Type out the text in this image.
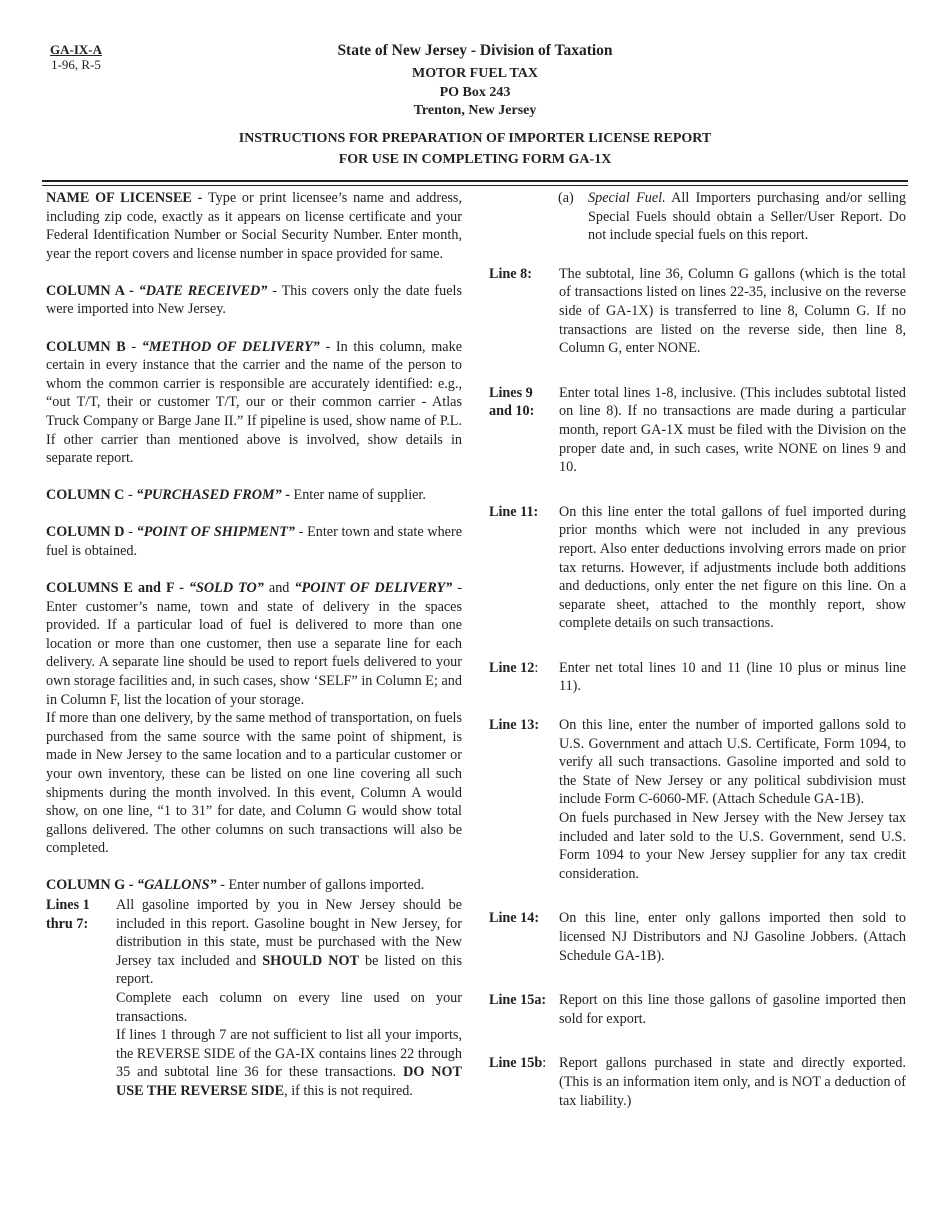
GA-IX-A
1-96, R-5
State of New Jersey - Division of Taxation
MOTOR FUEL TAX
PO Box 243
Trenton, New Jersey
INSTRUCTIONS FOR PREPARATION OF IMPORTER LICENSE REPORT
FOR USE IN COMPLETING FORM GA-1X

NAME OF LICENSEE - Type or print licensee’s name and address, including zip code, exactly as it appears on license certificate and your Federal Identification Number or Social Security Number. Enter month, year the report covers and license number in space provided for same.

COLUMN A - “DATE RECEIVED” - This covers only the date fuels were imported into New Jersey.

COLUMN B - “METHOD OF DELIVERY” - In this column, make certain in every instance that the carrier and the name of the person to whom the common carrier is responsible are accurately identified: e.g., “out T/T, their or customer T/T, our or their common carrier - Atlas Truck Company or Barge Jane II.” If pipeline is used, show name of P.L. If other carrier than mentioned above is involved, show details in separate report.

COLUMN C - “PURCHASED FROM” - Enter name of supplier.

COLUMN D - “POINT OF SHIPMENT” - Enter town and state where fuel is obtained.

COLUMNS E and F - “SOLD TO” and “POINT OF DELIVERY” - Enter customer’s name, town and state of delivery in the spaces provided. If a particular load of fuel is delivered to more than one location or more than one customer, then use a separate line for each delivery. A separate line should be used to report fuels delivered to your own storage facilities and, in such cases, show ‘SELF” in Column E; and in Column F, list the location of your storage.

If more than one delivery, by the same method of transportation, on fuels purchased from the same source with the same point of shipment, is made in New Jersey to the same location and to a particular customer or your own inventory, these can be listed on one line covering all such shipments during the month involved. In this event, Column A would show, on one line, “1 to 31” for date, and Column G would show total gallons delivered. The other columns on such transactions will also be completed.

COLUMN G - “GALLONS” - Enter number of gallons imported.

Lines 1 thru 7:

All gasoline imported by you in New Jersey should be included in this report. Gasoline bought in New Jersey, for distribution in this state, must be purchased with the New Jersey tax included and SHOULD NOT be listed on this report.

Complete each column on every line used on your transactions.

If lines 1 through 7 are not sufficient to list all your imports, the REVERSE SIDE of the GA-IX contains lines 22 through 35 and subtotal line 36 for these transactions. DO NOT USE THE REVERSE SIDE, if this is not required.

(a)	Special Fuel. All Importers purchasing and/or selling Special Fuels should obtain a Seller/User Report. Do not include special fuels on this report.
Line 8:	The subtotal, line 36, Column G gallons (which is the total of transactions listed on lines 22-35, inclusive on the reverse side of GA-1X) is transferred to line 8, Column G. If no transactions are listed on the reverse side, then line 8, Column G, enter NONE.
Lines 9 and 10:
Enter total lines 1-8, inclusive. (This includes subtotal listed on line 8). If no transactions are made during a particular month, report GA-1X must be filed with the Division on the proper date and, in such cases, write NONE on lines 9 and 10.
Line 11:	On this line enter the total gallons of fuel imported during prior months which were not included in any previous report. Also enter deductions involving errors made on prior tax returns. However, if adjustments include both additions and deductions, only enter the net figure on this line. On a separate sheet, attached to the monthly report, show complete details on such transactions.
Line 12:	Enter net total lines 10 and 11 (line 10 plus or minus line 11).
Line 13:	On this line, enter the number of imported gallons sold to U.S. Government and attach U.S. Certificate, Form 1094, to verify all such transactions. Gasoline imported and sold to the State of New Jersey or any political subdivision must include Form C-6060-MF. (Attach Schedule GA-1B).

On fuels purchased in New Jersey with the New Jersey tax included and later sold to the U.S. Government, send U.S. Form 1094 to your New Jersey supplier for any tax credit consideration.

Line 14:	On this line, enter only gallons imported then sold to licensed NJ Distributors and NJ Gasoline Jobbers. (Attach Schedule GA-1B).
Line 15a: Report on this line those gallons of gasoline imported then sold for export.
Line 15b: Report gallons purchased in state and directly exported. (This is an information item only, and is NOT a deduction of tax liability.)
